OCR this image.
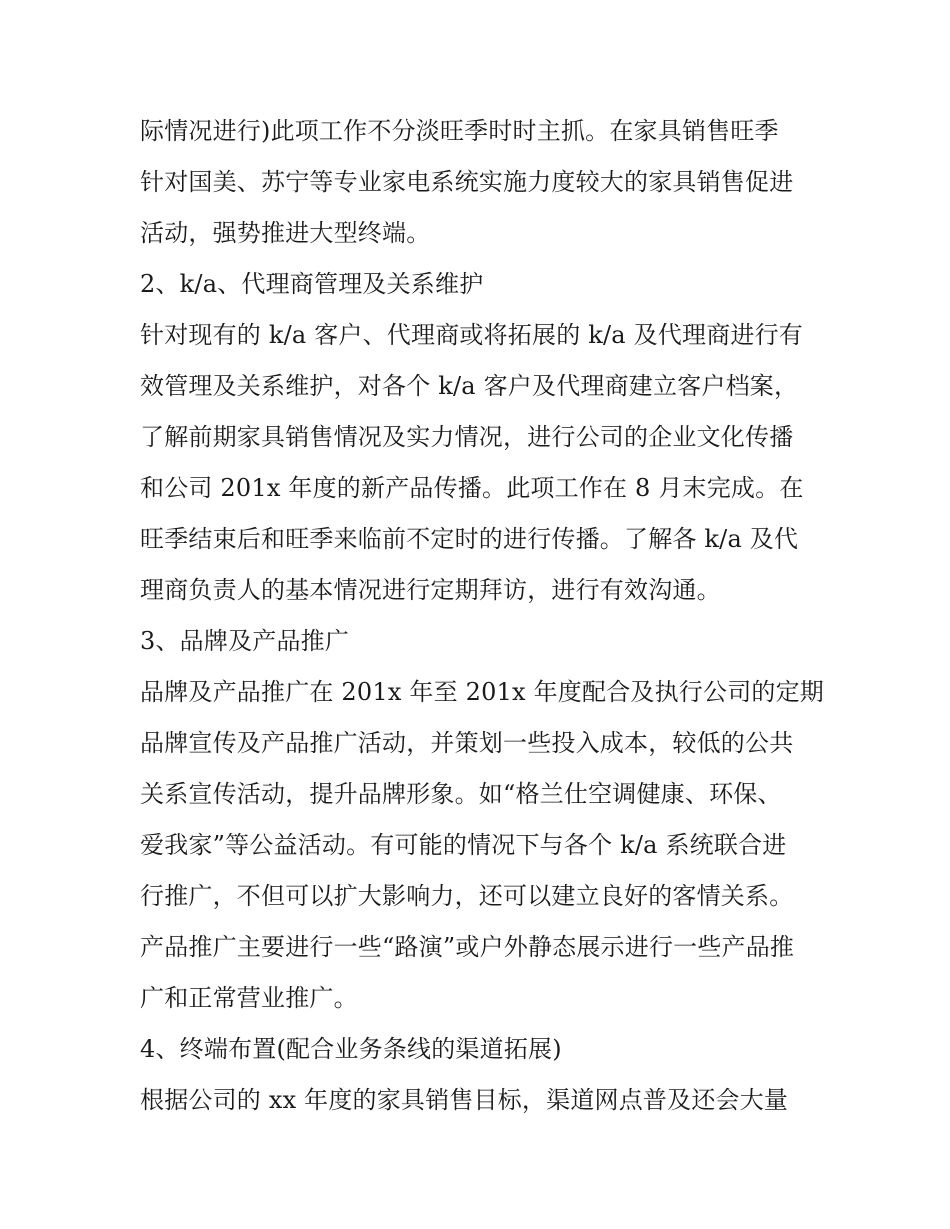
际情况进行)此项工作不分淡旺季时时主抓。在家具销售旺季
针对国美、苏宁等专业家电系统实施力度较大的家具销售促进
活动，强势推进大型终端。
2、k/a、代理商管理及关系维护
针对现有的 k/a 客户、代理商或将拓展的 k/a 及代理商进行有
效管理及关系维护，对各个 k/a 客户及代理商建立客户档案，
了解前期家具销售情况及实力情况，进行公司的企业文化传播
和公司 201x 年度的新产品传播。此项工作在 8 月末完成。在
旺季结束后和旺季来临前不定时的进行传播。了解各 k/a 及代
理商负责人的基本情况进行定期拜访，进行有效沟通。
3、品牌及产品推广
品牌及产品推广在 201x 年至 201x 年度配合及执行公司的定期
品牌宣传及产品推广活动，并策划一些投入成本，较低的公共
关系宣传活动，提升品牌形象。如“格兰仕空调健康、环保、
爱我家”等公益活动。有可能的情况下与各个 k/a 系统联合进
行推广，不但可以扩大影响力，还可以建立良好的客情关系。
产品推广主要进行一些“路演”或户外静态展示进行一些产品推
广和正常营业推广。
4、终端布置(配合业务条线的渠道拓展)
根据公司的 xx 年度的家具销售目标，渠道网点普及还会大量
